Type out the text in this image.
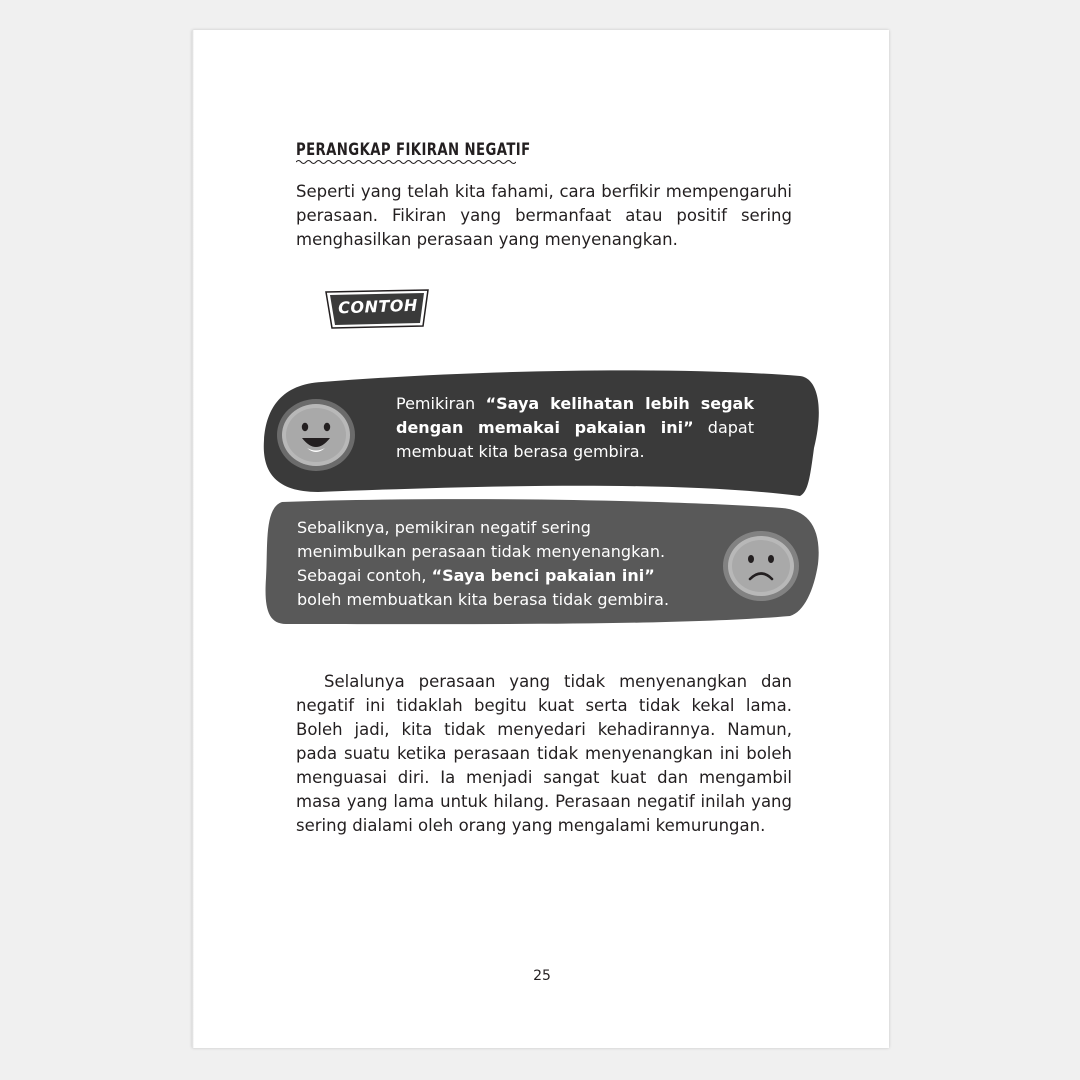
PERANGKAP FIKIRAN NEGATIF

Seperti yang telah kita fahami, cara berfikir mempengaruhi perasaan. Fikiran yang bermanfaat atau positif sering menghasilkan perasaan yang menyenangkan.

CONTOH

Pemikiran “Saya kelihatan lebih segak dengan memakai pakaian ini” dapat membuat kita berasa gembira.

Sebaliknya, pemikiran negatif sering menimbulkan perasaan tidak menyenangkan. Sebagai contoh, “Saya benci pakaian ini” boleh membuatkan kita berasa tidak gembira.

Selalunya perasaan yang tidak menyenangkan dan negatif ini tidaklah begitu kuat serta tidak kekal lama. Boleh jadi, kita tidak menyedari kehadirannya. Namun, pada suatu ketika perasaan tidak menyenangkan ini boleh menguasai diri. Ia menjadi sangat kuat dan mengambil masa yang lama untuk hilang. Perasaan negatif inilah yang sering dialami oleh orang yang mengalami kemurungan.

25
